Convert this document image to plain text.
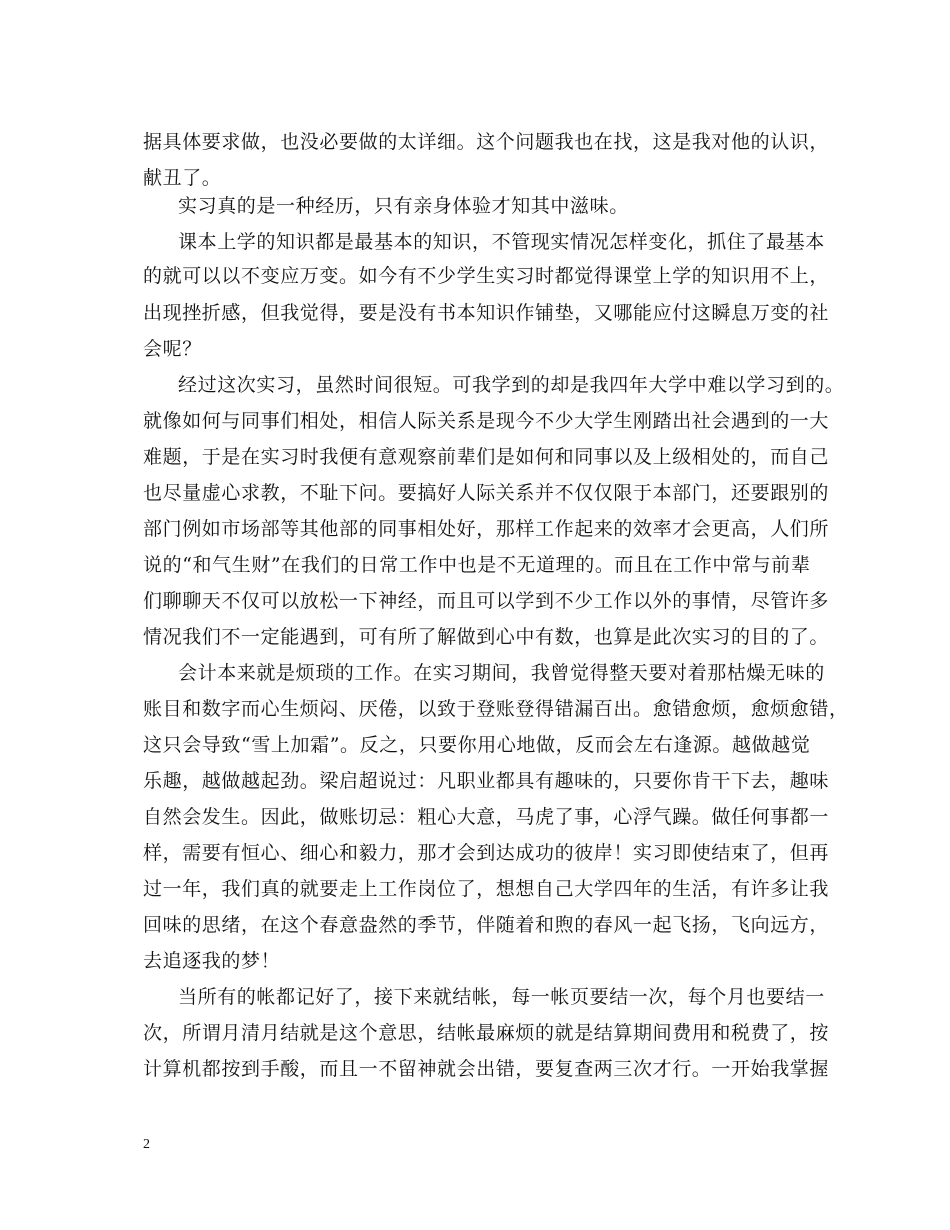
据具体要求做，也没必要做的太详细。这个问题我也在找，这是我对他的认识，
献丑了。
实习真的是一种经历，只有亲身体验才知其中滋味。
课本上学的知识都是最基本的知识，不管现实情况怎样变化，抓住了最基本
的就可以以不变应万变。如今有不少学生实习时都觉得课堂上学的知识用不上，
出现挫折感，但我觉得，要是没有书本知识作铺垫，又哪能应付这瞬息万变的社
会呢？
经过这次实习，虽然时间很短。可我学到的却是我四年大学中难以学习到的。
就像如何与同事们相处，相信人际关系是现今不少大学生刚踏出社会遇到的一大
难题，于是在实习时我便有意观察前辈们是如何和同事以及上级相处的，而自己
也尽量虚心求教，不耻下问。要搞好人际关系并不仅仅限于本部门，还要跟别的
部门例如市场部等其他部的同事相处好，那样工作起来的效率才会更高，人们所
说的“和气生财”在我们的日常工作中也是不无道理的。而且在工作中常与前辈
们聊聊天不仅可以放松一下神经，而且可以学到不少工作以外的事情，尽管许多
情况我们不一定能遇到，可有所了解做到心中有数，也算是此次实习的目的了。
会计本来就是烦琐的工作。在实习期间，我曾觉得整天要对着那枯燥无味的
账目和数字而心生烦闷、厌倦，以致于登账登得错漏百出。愈错愈烦，愈烦愈错，
这只会导致“雪上加霜”。反之，只要你用心地做，反而会左右逢源。越做越觉
乐趣，越做越起劲。梁启超说过：凡职业都具有趣味的，只要你肯干下去，趣味
自然会发生。因此，做账切忌：粗心大意，马虎了事，心浮气躁。做任何事都一
样，需要有恒心、细心和毅力，那才会到达成功的彼岸！实习即使结束了，但再
过一年，我们真的就要走上工作岗位了，想想自己大学四年的生活，有许多让我
回味的思绪，在这个春意盎然的季节，伴随着和煦的春风一起飞扬，飞向远方，
去追逐我的梦！
当所有的帐都记好了，接下来就结帐，每一帐页要结一次，每个月也要结一
次，所谓月清月结就是这个意思，结帐最麻烦的就是结算期间费用和税费了，按
计算机都按到手酸，而且一不留神就会出错，要复查两三次才行。一开始我掌握
2
